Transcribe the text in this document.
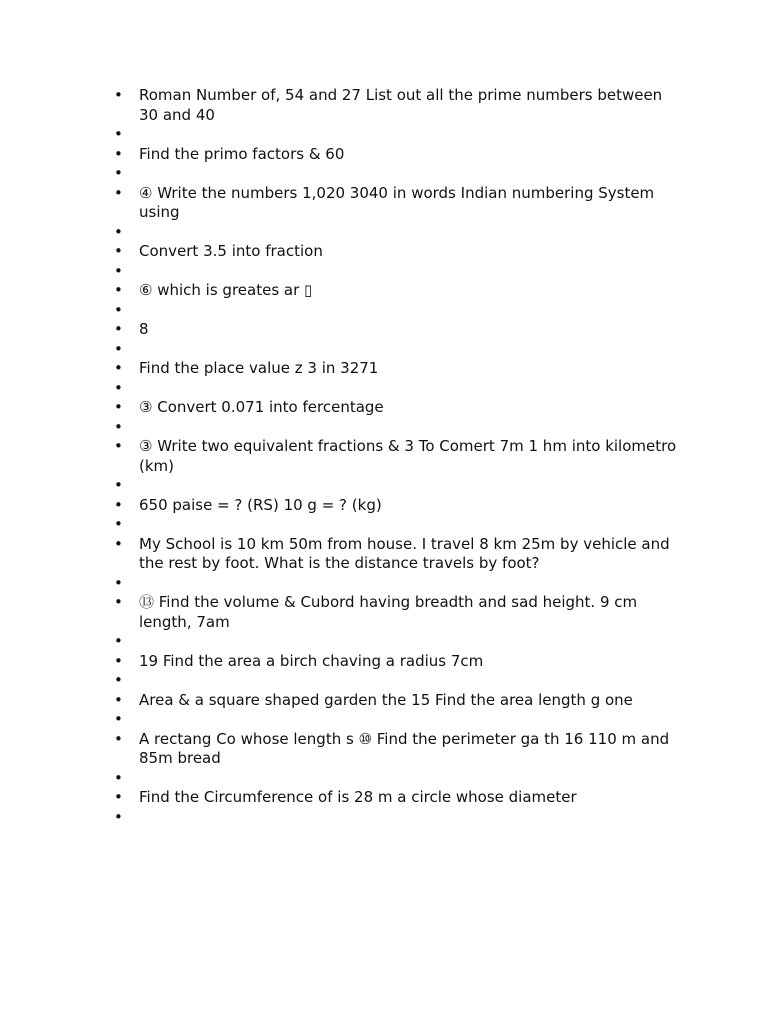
• Roman Number of, 54 and 27 List out all the prime numbers between 30 and 40
•
• Find the primo factors & 60
•
• ④ Write the numbers 1,020 3040 in words Indian numbering System using
•
• Convert 3.5 into fraction
•
• ⑥ which is greates ar ▯
•
• 8
•
• Find the place value z 3 in 3271
•
• ③ Convert 0.071 into fercentage
•
• ③ Write two equivalent fractions & 3 To Comert 7m 1 hm into kilometro (km)
•
• 650 paise = ? (RS) 10 g = ? (kg)
•
• My School is 10 km 50m from house. I travel 8 km 25m by vehicle and the rest by foot. What is the distance travels by foot?
•
• ⑬ Find the volume & Cubord having breadth and sad height. 9 cm length, 7am
•
• 19 Find the area a birch chaving a radius 7cm
•
• Area & a square shaped garden the 15 Find the area length g one
•
• A rectang Co whose length s ⑩ Find the perimeter ga th 16 110 m and 85m bread
•
• Find the Circumference of is 28 m a circle whose diameter
•
